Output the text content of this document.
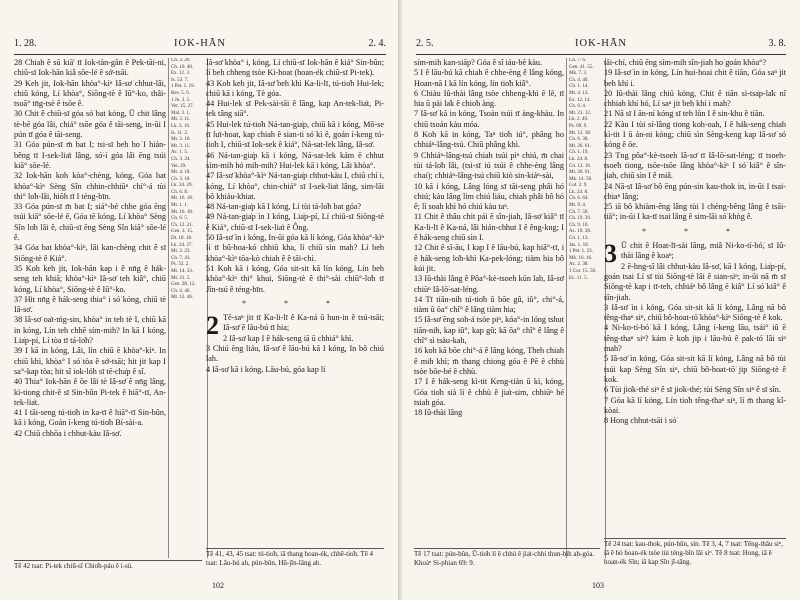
1. 28.	IOK-HĀN	2. 4.

28 Chiah ê sū kiā' tī Iok-tàn-gān ê Pek-tāi-ni, chiū-sī Iok-hān kiâ sōe-lé ê sớ-tsāi.

29 Keh jit, Iok-hān khòa°-kìⁿ Iâ-sơ͘ chhut-lâi, chiū kóng, Lí khòa°, Siōng-tè ê Iû°-ko, thâi-tsoā° tn̄g-tsè ê tsōe ê.

30 Chit ê chiū-sī góa só͘ bat kóng, Ū chit lâng tè-bē góa lâi, chiá° tsōe góa ê tāi-seng, in-ūi I pún tī góa ê tāi-seng.

31 Góa pún-sī m̄ bat I; tsi-sī beh ho͘ I hián-bêng tī I-sek-lia̍t lâng, só͘-í góa lâi ēng tsúi kiā° sōe-lé.

32 Iok-hān koh kòa°-chèng, kóng, Góa bat khòa°-kìⁿ Sèng Sîn chhin-chhiūⁿ chí°-á tùi thi° lo̍h-lâi, hiōh tī I téng-bīn.

33 Góa pún-sī m̄ bat I; siá°-bé chhe góa ēng tsúi kiā° sōe-lé ê, Góa tē kóng, Lí khòa° Sèng Sîn lo̍h lâi ê, chiū-sī ēng Sèng Sîn kiā° sōe-lé ê.

34 Góa bat khòa°-kìⁿ, lâi kan-chèng chit ê sī Siōng-tè ê Kiá°.

35 Koh keh jit, Iok-hān kap i ê nn̄g ê hák-seng teh khiā; khòa°-kìⁿ Iâ-sơ͘ teh kiâ°, chiū kóng, Lí khòa°, Siōng-tè ê Iû°-ko.

37 Hit nn̄g ê hák-seng thia° i só͘ kóng, chiū tè Iâ-sơ͘.

38 Iâ-sơ͘ oa̍t-tńg-sin, khòa° in teh tè I, chiū kā in kóng, Lín teh chhē sím-mih? In kā I kóng, Lia̍p-pí, Lí tòa tī tá-lo̍h?

39 I kā in kóng, Lâi, lín chiū ē khòa°-kìⁿ. In chiū khì, khòa° I só͘ tòa ê sớ-tsāi; hit jit kap I sa°-kap tòa; hit sî iok-lóh sī tē-cha̍p ê sî.

40 Thia° Iok-hān ê ōe lâi tè Iâ-sơ͘ ê nn̄g lâng, kì-tiong chit-ê sī Sin-bûn Pi-tek ê hiā°-tī, An-tek-lia̍t.

41 I tāi-seng tú-tio̍h in ka-tī ê hiā°-tī Sin-bûn, kā i kóng, Goán í-keng tú-tio̍h Bí-sài-a.

42 Chiū chhōa i chhut-kàu Iâ-sơ͘.

Ch. 3. 26.
Ch. 10. 40.
Ex. 12. 3.
Is. 53. 7.
1 Pet. 1. 19.
Rev. 5. 6.
1 Jn. 3. 5.
Ver. 15, 27.
Mal. 3. 1.
Mt. 3. 11.
Lk. 3. 16.
Is. 11. 2.
Mt. 3. 16.
Mt. 3. 11.
Ac. 1. 5.
Ch. 3. 24.
Ver. 29.
Mt. 4. 18.
Ch. 3. 18.
Lk. 24. 29.
Ch. 6. 8.
Mt. 16. 18.
Mt. 1. 1.
Mt. 16. 18.
Ch. 6. 5.
Ch. 12. 21.
Gen. 3. 15.
Dt. 18. 18.
Lk. 24. 27.
Mt. 2. 23.
Ch. 7. 41.
Ps. 32. 2.
Mt. 14. 33.
Mt. 21. 5.
Gen. 28. 12.
Ch. 4. 46.
Mt. 12. 46.

Iâ-sơ͘ khòa° i, kóng, Lí chiū-sī Iok-hān ê kiá° Sin-bûn; lí beh chheng tsòe Ki-hoat (hoan-ék chiū-sī Pi-tek).

43 Koh keh jit, Iâ-sơ͘ beh khì Ka-li-lī, tú-tio̍h Hui-lek; chiū kā i kóng, Tè góa.

44 Hui-lek sī Pek-sài-tāi ê lâng, kap An-tek-lia̍t, Pi-tek tâng siā°.

45 Hui-lek tú-tio̍h Ná-tan-gia̍p, chiū kā i kóng, Mô͘-se tī lu̍t-hoat, kap chiah ê sian-ti só͘ kì ê, goán í-keng tú-tio̍h I, chiū-sī Iok-sek ê kiá°, Ná-sat-lek lâng, Iâ-sơ͘.

46 Ná-tan-gia̍p kā i kóng, Ná-sat-lek kám ē chhut sím-mih hó mih-mih? Hui-lek kā i kóng, Lâi khòa°.

47 Iâ-sơ͘ khòa°-kìⁿ Ná-tan-gia̍p chhut-kàu I, chiū chí i, kóng, Lí khòa°, chin-chiá° sī I-sek-lia̍t lâng, sim-lāi bô khiáu-khiat.

48 Ná-tan-gia̍p kā I kóng, Lí tùi tá-lo̍h bat góa?

49 Ná-tan-gia̍p ìn I kóng, Lia̍p-pí, Lí chiū-sī Siōng-tè ê Kiá°, chiū-sī I-sek-lia̍t ê Ông.

50 Iâ-sơ͘ ìn i kóng, In-ūi góa kā lí kóng, Góa khòa°-kìⁿ lí tī bû-hoa-kó chhiū kha, lí chiū sìn mah? Lí beh khòa°-kìⁿ tōa-kò chiah ê ê tāi-chì.

51 Koh kā i kóng, Góa sit-sit kā lín kóng, Lín beh khòa°-kìⁿ thi° khui, Siōng-tè ê thi°-sài chiū°-lo̍h tī Jîn-tsú ê téng-bīn.

* * *

2 Tē-saⁿ jit tī Ka-li-lī ê Ka-ná ū hun-in ê tsú-tsāi; Iâ-sơ͘ ê lāu-bú tī hia;

2 Iâ-sơ͘ kap I ê hák-seng iā ū chhiá° khì.

3 Chiú ēng liáu, Iâ-sơ͘ ê lāu-bú kā I kóng, In bô chiú lah.

4 Iâ-sơ͘ kā i kóng, Lāu-bú, góa kap lí

Tē 42 tsat: Pi-tek chiū-sī Chio̍h-páu ê ì-sù.
Tē 41, 43, 45 tsat: tú-tio̍h, iā thang hoan-ék, chhē-tio̍h. Tē 4 tsat: Lāu-bú ah, pún-bûn, Hū-jîn-lâng ah.
102
2. 5.	IOK-HĀN	3. 8.

sím-mih kan-siāp? Góa ê sî iáu-bē kàu.

5 I ê lāu-bú kā chiah ê chhe-èng ê lâng kóng, Hoan-nā I kā lín kóng, lín tio̍h kiâ°.

6 Chiàu Iû-thài lâng tsòe chheng-khì ê lē, tī hia ū pài la̍k ê chio̍h àng.

7 Iâ-sơ͘ kā in kóng, Tsoán tsúi tī àng-khàu. In chiū tsoán kàu móa.

8 Koh kā in kóng, Taⁿ tio̍h iú°, phâng ho͘ chhiáⁿ-lâng-tsú. Chiū phâng khì.

9 Chhiáⁿ-lâng-tsú chiah tsúi pìⁿ chiú, m̄ chai tùi tá-lo̍h lâi, (tsi-sī iú tsúi ê chhe-èng lâng chai); chhiáⁿ-lâng-tsú chiū kiò sin-kiáⁿ-sài,

10 kā i kóng, Lâng lóng sī tāi-seng phâi hó chiú; kàu lâng lim chiú liáu, chiah phâi bô hó ê; lí soah khì hó chiú kàu taⁿ.

11 Chit ê thâu chit pái ê sîn-jiah, Iâ-sơ͘ kiâ° tī Ka-li-lī ê Ka-ná, lâi hián-chhut I ê êng-kng; I ê hák-seng chiū sìn I.

12 Chit ê sî-āu, I kap I ê lāu-bú, kap hiā°-tī, i ê hák-seng lo̍h-khì Ka-pek-lóng; tiàm hia bô kúi jit.

13 Iû-thài lâng ê Pôa°-kè-tsoeh kūn lah, Iâ-sơ͘ chiūⁿ Iâ-lō͘-sat-léng.

14 Tī tiān-nih tú-tio̍h ū bōe gû, iû°, chi°-á, tiàm ū ōa° chî° ê lâng tiàm hia;

15 Iâ-sơ͘ ēng soh-á tsòe piⁿ, kóa°-in lóng tshut tiān-nih, kap iû°, kap gû; kā ōa° chî° ê lâng ê chî° sì tsàu-kah,

16 koh kā bōe chi°-á ê lâng kóng, Theh chiah ê mih khì; m̄ thang chiong góa ê Pē ê chhù tsòe bōe-bé ê chhù.

17 I ê hák-seng kì-tit Keng-tián ū kì, kóng, Góa tio̍h sià lí ê chhù ê jia̍t-sim, chhiūⁿ hé tsiah góa.

18 Iû-thài lâng

Ch. 7. 6.
Gen. 41. 55.
Mk. 7. 3.
Ch. 4. 46.
Ch. 1. 14.
Mt. 4. 13.
Ex. 12. 14.
Ch. 6. 4.
Mt. 21. 12.
Lk. 2. 49.
Ps. 69. 9.
Mt. 12. 38.
Ch. 6. 30.
Mt. 26. 61.
Ch. 1. 19.
Lk. 24. 8.
Ch. 12. 16.
Mt. 26. 61.
Mk. 14. 58.
Col. 2. 9.
Lk. 24. 8.
Ch. 6. 64.
Mt. 9. 4.
Ch. 7. 50.
Ch. 19. 39.
Ch. 9. 16.
Ac. 10. 38.
Ch. 1. 13.
Jas. 1. 18.
1 Pet. 1. 23.
Mk. 16. 16.
Ac. 2. 38.
1 Cor. 15. 50.
Ec. 11. 5.

tāi-chí, chiū ēng sím-mih sîn-jiah ho͘ goán khòa°?

19 Iâ-sơ͘ ìn in kóng, Lín hui-hoai chit ê tiān, Góa saⁿ jit beh khí i.

20 Iû-thài lâng chiū kóng, Chit ê tiān sì-tsa̍p-la̍k nî chhiah khí hó, Lí saⁿ jit beh khí i mah?

21 Nā sī I ān-ní kóng sī teh lūn I ê sin-khu ê tiān.

22 Kàu I tùi sí-lâng tiong koh-oah, I ê hák-seng chiah kì-tit I ū án-ni kóng; chiū sìn Sèng-keng kap Iâ-sơ͘ só͘ kóng ê ōe.

23 Tng pôa°-kè-tsoeh Iâ-sơ͘ tī Iâ-lō͘-sat-léng; tī tsoeh-tsoe̍h tiong, tsōe-tsōe lâng khòa°-kìⁿ I só͘ kiâ° ê sîn-jiah, chiū sìn I ê miâ.

24 Nā-sī Iâ-sơ͘ bô ēng pún-sin kau-thok in, in-ūi I tsai-chiaⁿ lâng;

25 iā bô khiàm-ēng lâng tùi I chèng-bêng lâng ê tsāi-tiā°; in-ūi I ka-tī tsai lâng ê sim-lāi só͘ khǹg ê.

* * *

3 Ū chit ê Hoat-lī-sài lâng, miâ Ni-ko-tí-bó͘, sī Iû-thài lâng ê koaⁿ;

2 ē-hng-sî lâi chhut-kàu Iâ-sơ͘, kā I kóng, Lia̍p-pí, goán tsai Lí sī tùi Siōng-tè lâi ê sian-siⁿ; in-ūi nā m̄ sī Siōng-tè kap i tī-teh, chhiáⁿ bô lâng ē kiâ° Lí só͘ kiâ° ê sîn-jiah.

3 Iâ-sơ͘ ìn i kóng, Góa sit-sit kā lí kóng, Lâng nā bô têng-thaⁿ siⁿ, chiū bô-hoat-tō͘ khòa°-kìⁿ Siōng-tè ê kok.

4 Ni-ko-tí-bó͘ kā I kóng, Lâng í-keng lāu, tsái° iû ē têng-thaⁿ siⁿ? kám ē koh jip i lāu-bú ê pak-tó͘ lâi siⁿ mah?

5 Iâ-sơ͘ ìn kóng, Góa sit-sit kā lí kóng, Lâng nā bô tùi tsúi kap Sèng Sîn siⁿ, chiū bô-hoat-tō͘ jip Siōng-tè ê kok.

6 Tùi jio̍k-thé siⁿ ê sī jio̍k-thé; tùi Sèng Sîn siⁿ ê sī sîn.

7 Góa kā lí kóng, Lín tio̍h têng-thaⁿ siⁿ, lí m̄ thang kî-kòai.

8 Hong chhut-tsāi i só͘

Tē 17 tsat: pún-bûn, Ū-tio̍h lí ê chhù ê jia̍t-chhi thun-bih ah-góa. Khoàⁿ Si-phian 69: 9.
Tē 24 tsat: kau-thok, pún-bûn, sìn. Tē 3, 4, 7 tsat: Têng-thâu siⁿ, iā ē hó hoan-ék tsòe tùi téng-bīn lâi siⁿ. Tē 8 tsat: Hong, iā ē hoan-ék Sîn; iā kap Sîn jī-tāng.
103
